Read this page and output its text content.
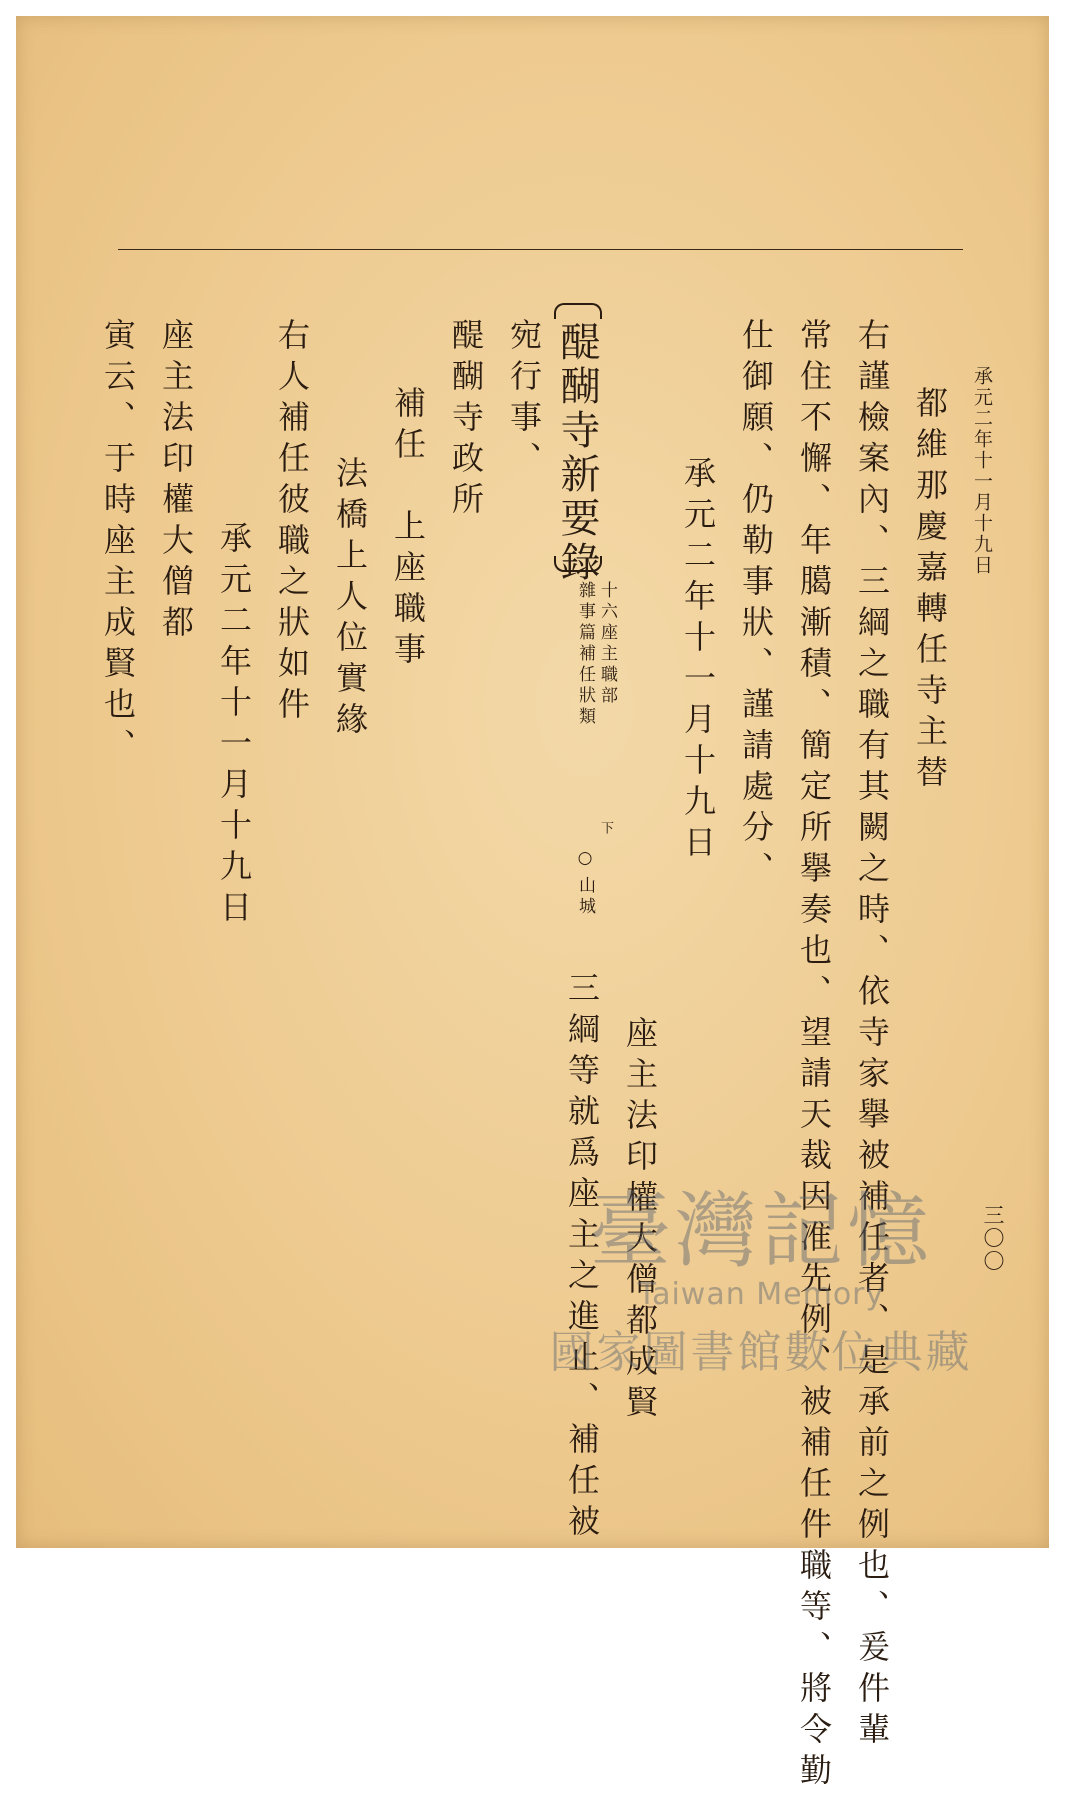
承元二年十一月十九日
三〇〇
都維那慶嘉轉任寺主替
右謹檢案內、三綱之職有其闕之時、依寺家擧被補任者、是承前之例也、爰件輩
常住不懈、年臈漸積、簡定所擧奏也、望請天裁因准先例、被補任件職等、將令勤
仕御願、仍勒事狀、謹請處分、
承元二年十一月十九日
座主法印權大僧都成賢
三綱等就爲座主之進止、補任被
醍醐寺新要錄
十六座主職部
雜事篇補任狀類
下
○
山城
宛行事、
醍醐寺政所
補任　上座職事
法橋上人位實緣
右人補任彼職之狀如件
承元二年十一月十九日
座主法印權大僧都
寅云、于時座主成賢也、
臺灣記憶
Taiwan Memory
國家圖書館數位典藏
